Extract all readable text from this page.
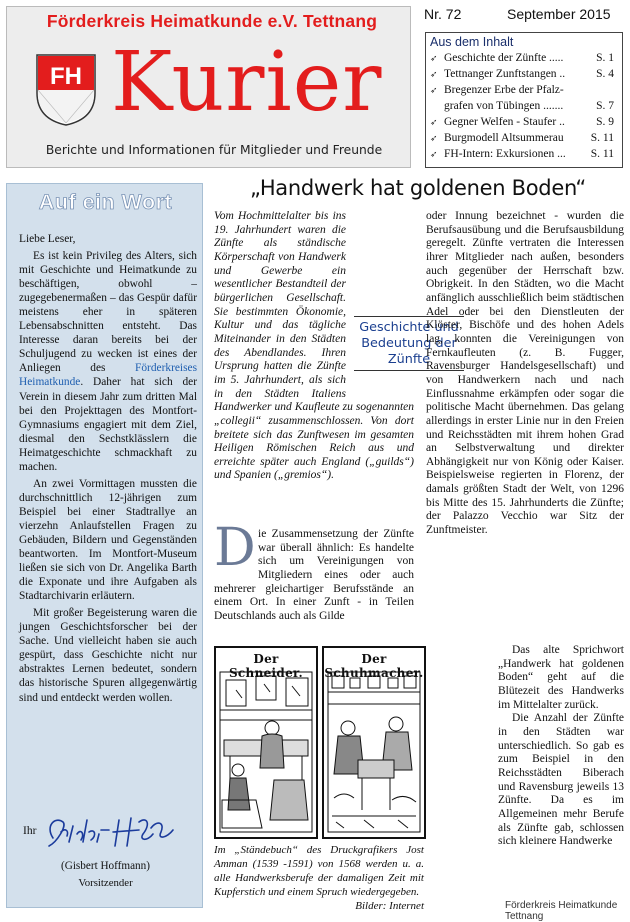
Förderkreis Heimatkunde e.V. Tettnang
FH Kurier
Berichte und Informationen für Mitglieder und Freunde
Nr. 72	September 2015
Aus dem Inhalt
➶ Geschichte der Zünfte .....	S. 1
➶ Tettnanger Zunftstangen ..	S. 4
➶ Bregenzer Erbe der Pfalz-
grafen von Tübingen .......	S. 7
➶ Gegner Welfen - Staufer ..	S. 9
➶ Burgmodell Altsummerau S. 11
➶ FH-Intern: Exkursionen ... S. 11
Auf ein Wort

Liebe Leser,

Es ist kein Privileg des Alters, sich mit Geschichte und Heimatkunde zu beschäftigen, obwohl – zugegebenermaßen – das Gespür dafür meistens eher in späteren Lebensabschnitten entsteht. Das Interesse daran bereits bei der Schuljugend zu wecken ist eines der Anliegen des Förderkreises Heimatkunde. Daher hat sich der Verein in diesem Jahr zum dritten Mal bei den Projekttagen des Montfort-Gymnasiums engagiert mit dem Ziel, diesmal den Sechstklässlern die Heimatgeschichte schmackhaft zu machen.

An zwei Vormittagen mussten die durchschnittlich 12-jährigen zum Beispiel bei einer Stadtrallye an vierzehn Anlaufstellen Fragen zu Gebäuden, Bildern und Gegenständen beantworten. Im Montfort-Museum ließen sie sich von Dr. Angelika Barth die Exponate und ihre Aufgaben als Stadtarchivarin erläutern.

Mit großer Begeisterung waren die jungen Geschichtsforscher bei der Sache. Und vielleicht haben sie auch gespürt, dass Geschichte nicht nur abstraktes Lernen bedeutet, sondern das historische Spuren allgegenwärtig sind und entdeckt werden wollen.

Ihr
(Gisbert Hoffmann)
Vorsitzender
„Handwerk hat goldenen Boden“
Vom Hochmittelalter bis ins 19. Jahrhundert waren die Zünfte als ständische Körperschaft von Handwerk und Gewerbe ein wesentlicher Bestandteil der bürgerlichen Gesellschaft. Sie bestimmten Ökonomie, Kultur und das tägliche Miteinander in den Städten des Abendlandes. Ihren Ursprung hatten die Zünfte im 5. Jahrhundert, als sich in den Städten Italiens Handwerker und Kaufleute zu sogenannten „collegii“ zusammenschlossen. Von dort breitete sich das Zunftwesen im gesamten Heiligen Römischen Reich aus und erreichte später auch England („guilds“) und Spanien („gremios“).
Geschichte und Bedeutung der Zünfte
D ie Zusammensetzung der Zünfte war überall ähnlich: Es handelte sich um Vereinigungen von Mitgliedern eines oder auch mehrerer gleichartiger Berufsstände an einem Ort. In einer Zunft - in Teilen Deutschlands auch als Gilde
oder Innung bezeichnet - wurden die Berufsausübung und die Berufsausbildung geregelt. Zünfte vertraten die Interessen ihrer Mitglieder nach außen, besonders auch gegenüber der Herrschaft bzw. Obrigkeit. In den Städten, wo die Macht anfänglich ausschließlich beim städtischen Adel oder bei den Dienstleuten der Klöster, Bischöfe und des hohen Adels lag, konnten die Vereinigungen von Fernkaufleuten (z. B. Fugger, Ravensburger Handelsgesellschaft) und von Handwerkern nach und nach Einflussnahme erkämpfen oder sogar die politische Macht übernehmen. Das gelang allerdings in erster Linie nur in den Freien und Reichsstädten mit ihrem hohen Grad an Selbstverwaltung und direkter Abhängigkeit nur von König oder Kaiser. Beispielsweise regierten in Florenz, der damals größten Stadt der Welt, von 1296 bis Mitte des 15. Jahrhunderts die Zünfte; der Palazzo Vecchio war Sitz der Zunftmeister.
Der Schneider.
Der Schuhmacher.
Im „Ständebuch“ des Druckgrafikers Jost Amman (1539 -1591) von 1568 werden u. a. alle Handwerksberufe der damaligen Zeit mit Kupferstich und einem Spruch wiedergegeben.
Bilder: Internet

Das alte Sprichwort „Handwerk hat goldenen Boden“ geht auf die Blütezeit des Handwerks im Mittelalter zurück.

Die Anzahl der Zünfte in den Städten war unterschiedlich. So gab es zum Beispiel in den Reichsstädten Biberach und Ravensburg jeweils 13 Zünfte. Da es im Allgemeinen mehr Berufe als Zünfte gab, schlossen sich kleinere Handwerke

Förderkreis Heimatkunde Tettnang
